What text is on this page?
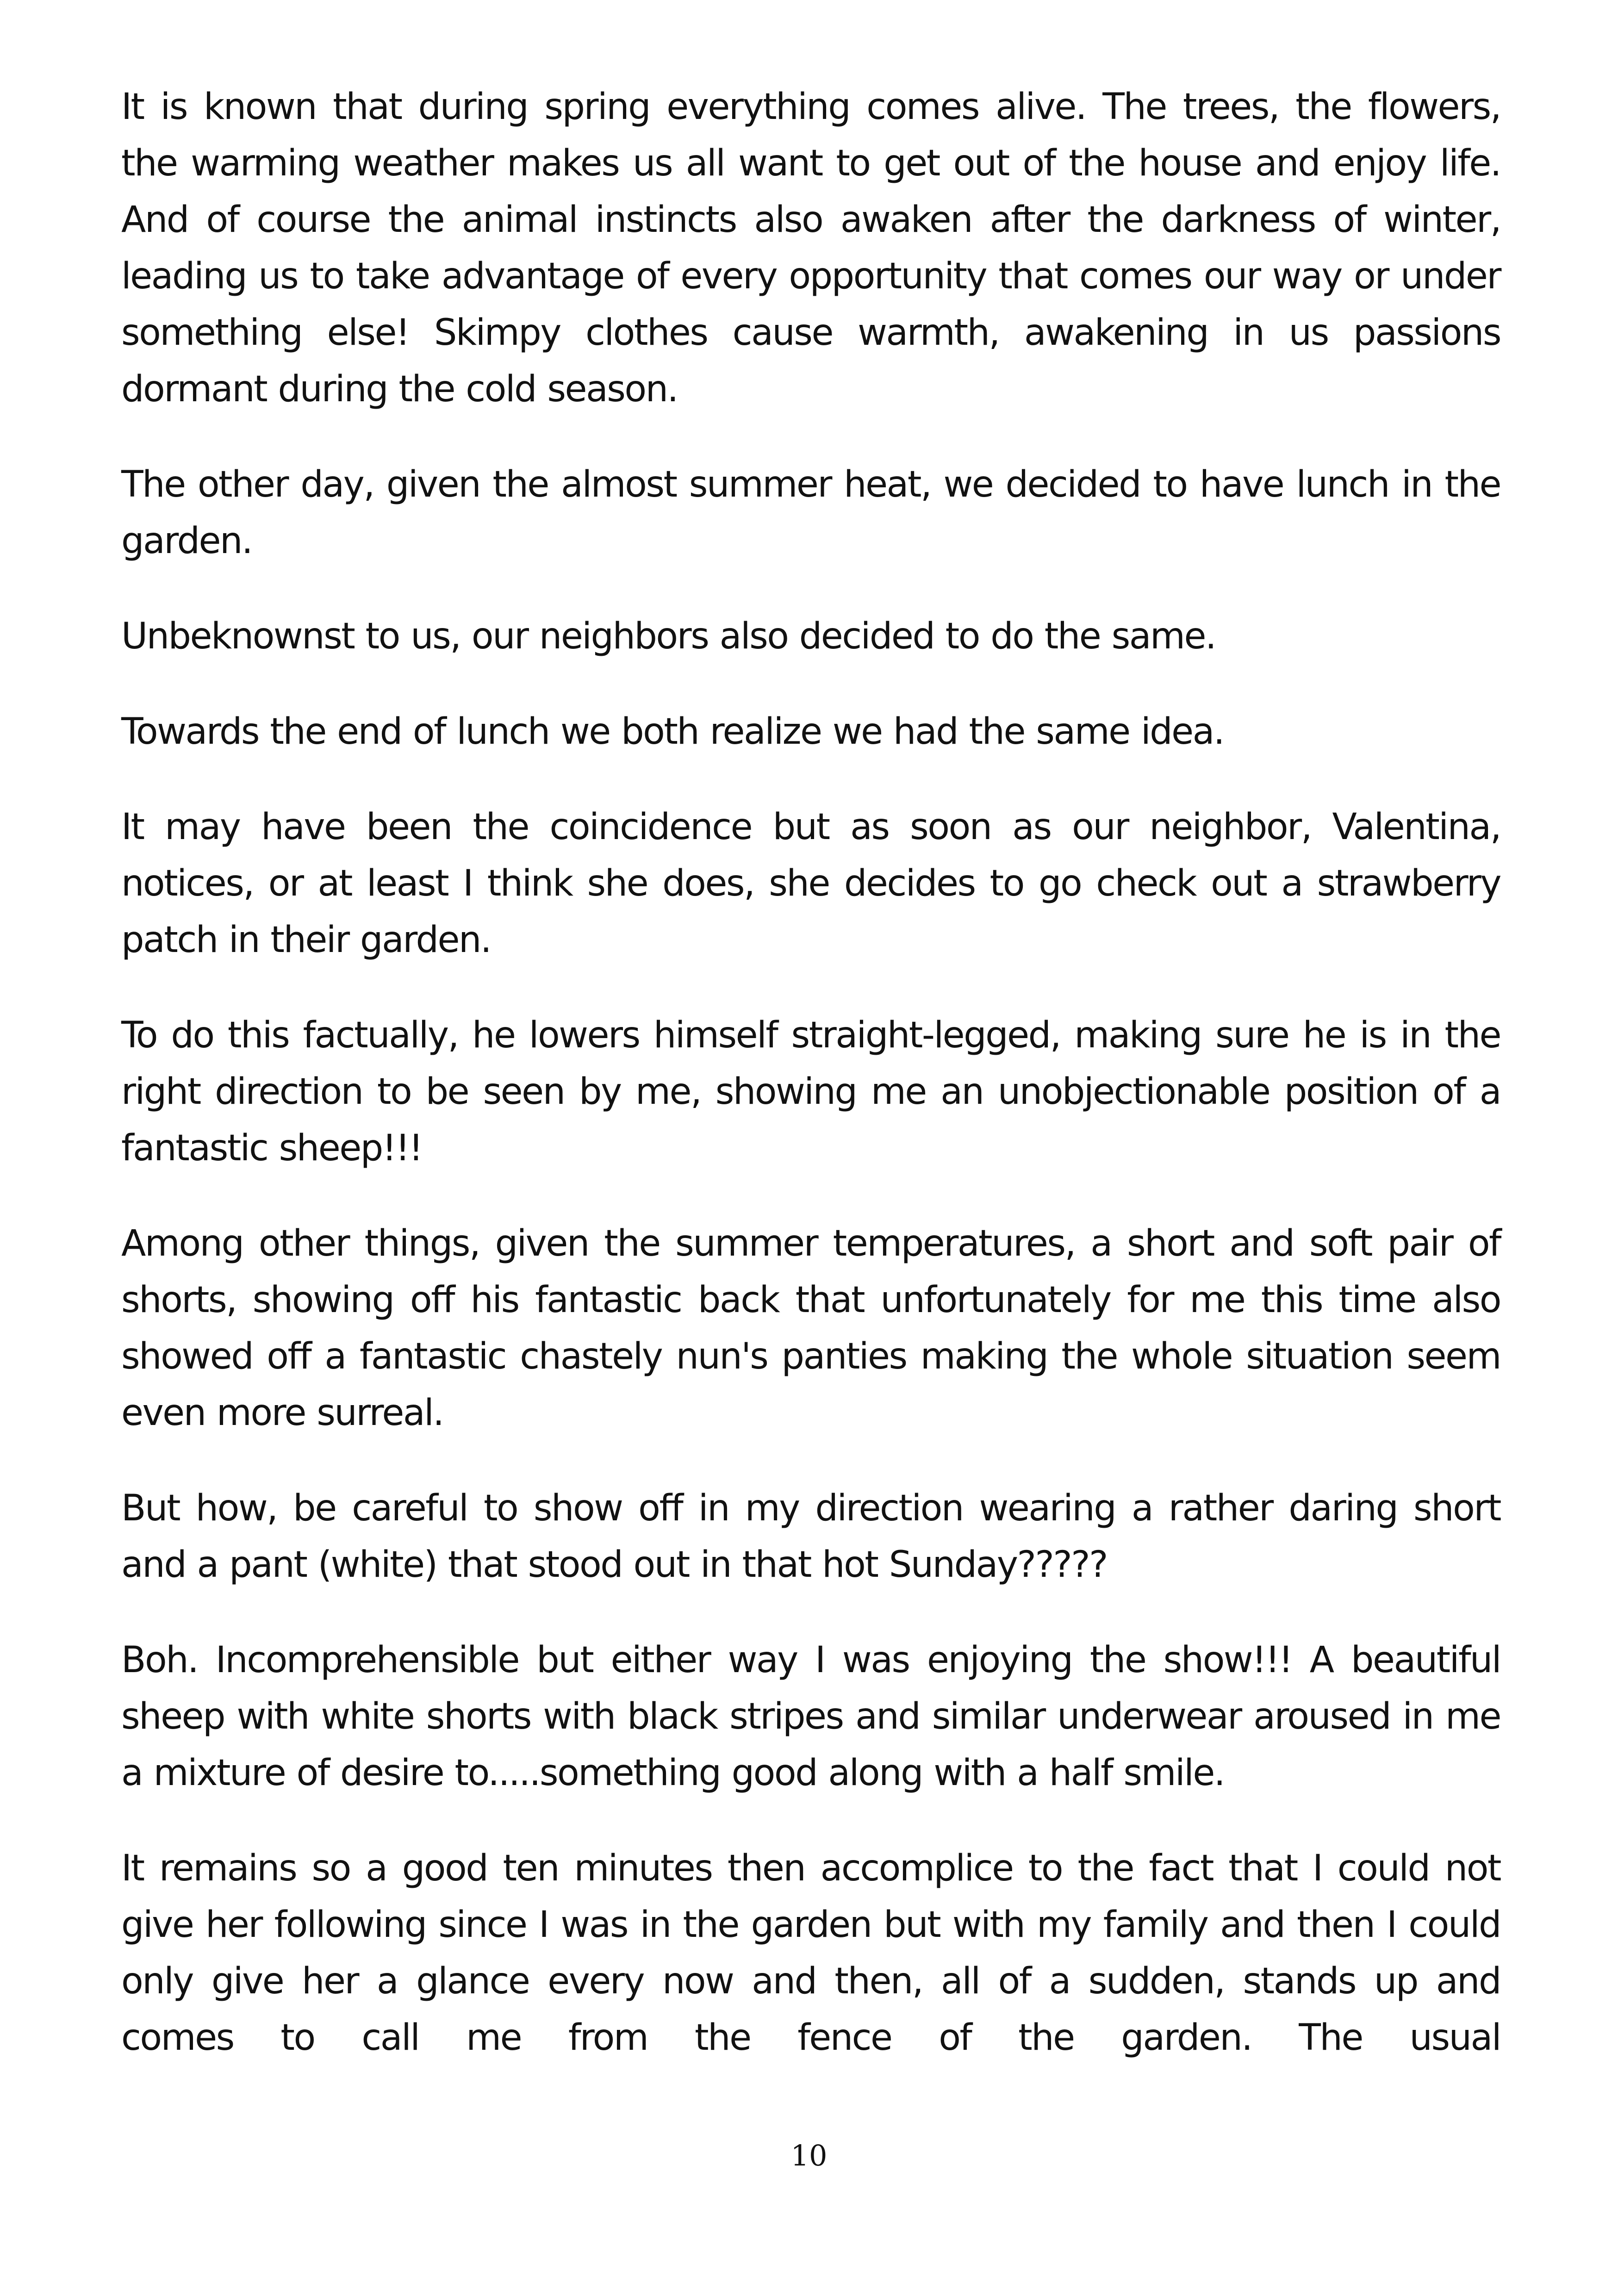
It is known that during spring everything comes alive. The trees, the flowers, the warming weather makes us all want to get out of the house and enjoy life. And of course the animal instincts also awaken after the darkness of winter, leading us to take advantage of every opportunity that comes our way or under something else! Skimpy clothes cause warmth, awakening in us passions dormant during the cold season.

The other day, given the almost summer heat, we decided to have lunch in the garden.

Unbeknownst to us, our neighbors also decided to do the same.

Towards the end of lunch we both realize we had the same idea.

It may have been the coincidence but as soon as our neighbor, Valentina, notices, or at least I think she does, she decides to go check out a strawberry patch in their garden.

To do this factually, he lowers himself straight-legged, making sure he is in the right direction to be seen by me, showing me an unobjectionable position of a fantastic sheep!!!

Among other things, given the summer temperatures, a short and soft pair of shorts, showing off his fantastic back that unfortunately for me this time also showed off a fantastic chastely nun's panties making the whole situation seem even more surreal.

But how, be careful to show off in my direction wearing a rather daring short and a pant (white) that stood out in that hot Sunday?????

Boh. Incomprehensible but either way I was enjoying the show!!! A beautiful sheep with white shorts with black stripes and similar underwear aroused in me a mixture of desire to.....something good along with a half smile.

It remains so a good ten minutes then accomplice to the fact that I could not give her following since I was in the garden but with my family and then I could only give her a glance every now and then, all of a sudden, stands up and comes to call me from the fence of the garden. The usual

10
